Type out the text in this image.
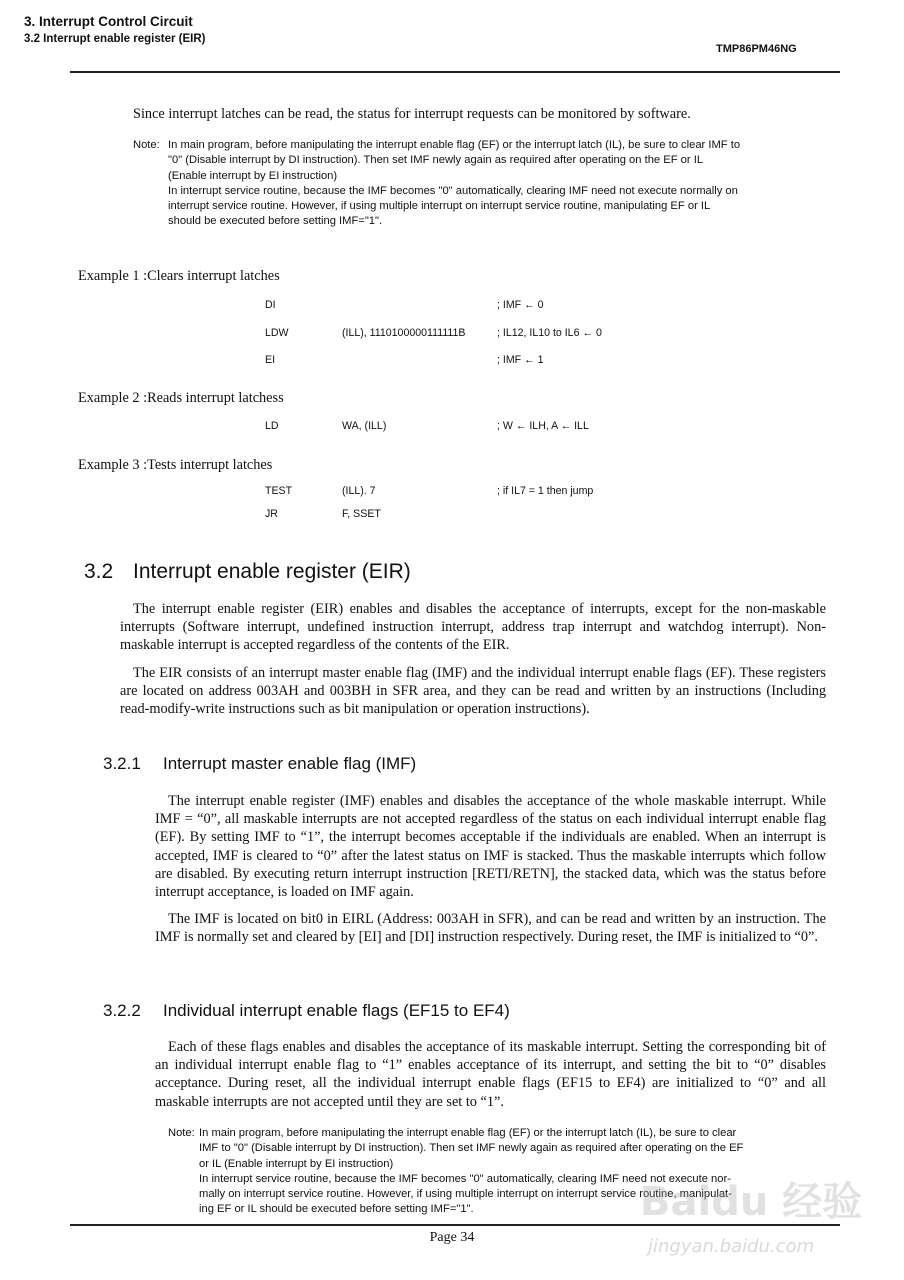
3. Interrupt Control Circuit
3.2 Interrupt enable register (EIR)
TMP86PM46NG
Since interrupt latches can be read, the status for interrupt requests can be monitored by software.
Note: In main program, before manipulating the interrupt enable flag (EF) or the interrupt latch (IL), be sure to clear IMF to
"0" (Disable interrupt by DI instruction). Then set IMF newly again as required after operating on the EF or IL
(Enable interrupt by EI instruction)
In interrupt service routine, because the IMF becomes "0" automatically, clearing IMF need not execute normally on
interrupt service routine. However, if using multiple interrupt on interrupt service routine, manipulating EF or IL
should be executed before setting IMF="1".
Example 1 :Clears interrupt latches
DI	; IMF ← 0
LDW	(ILL), 1110100000111111B	; IL12, IL10 to IL6 ← 0
EI	; IMF ← 1
Example 2 :Reads interrupt latchess
LD	WA, (ILL)	; W ← ILH, A ← ILL
Example 3 :Tests interrupt latches
TEST	(ILL). 7	; if IL7 = 1 then jump
JR	F, SSET
3.2 Interrupt enable register (EIR)
The interrupt enable register (EIR) enables and disables the acceptance of interrupts, except for the non-maskable interrupts (Software interrupt, undefined instruction interrupt, address trap interrupt and watchdog interrupt). Non-maskable interrupt is accepted regardless of the contents of the EIR.
The EIR consists of an interrupt master enable flag (IMF) and the individual interrupt enable flags (EF). These registers are located on address 003AH and 003BH in SFR area, and they can be read and written by an instructions (Including read-modify-write instructions such as bit manipulation or operation instructions).
3.2.1 Interrupt master enable flag (IMF)
The interrupt enable register (IMF) enables and disables the acceptance of the whole maskable interrupt. While IMF = “0”, all maskable interrupts are not accepted regardless of the status on each individual interrupt enable flag (EF). By setting IMF to “1”, the interrupt becomes acceptable if the individuals are enabled. When an interrupt is accepted, IMF is cleared to “0” after the latest status on IMF is stacked. Thus the maskable interrupts which follow are disabled. By executing return interrupt instruction [RETI/RETN], the stacked data, which was the status before interrupt acceptance, is loaded on IMF again.
The IMF is located on bit0 in EIRL (Address: 003AH in SFR), and can be read and written by an instruction. The IMF is normally set and cleared by [EI] and [DI] instruction respectively. During reset, the IMF is initialized to “0”.
3.2.2 Individual interrupt enable flags (EF15 to EF4)
Each of these flags enables and disables the acceptance of its maskable interrupt. Setting the corresponding bit of an individual interrupt enable flag to “1” enables acceptance of its interrupt, and setting the bit to “0” disables acceptance. During reset, all the individual interrupt enable flags (EF15 to EF4) are initialized to “0” and all maskable interrupts are not accepted until they are set to “1”.
Note: In main program, before manipulating the interrupt enable flag (EF) or the interrupt latch (IL), be sure to clear
IMF to "0" (Disable interrupt by DI instruction). Then set IMF newly again as required after operating on the EF
or IL (Enable interrupt by EI instruction)
In interrupt service routine, because the IMF becomes "0" automatically, clearing IMF need not execute nor-
mally on interrupt service routine. However, if using multiple interrupt on interrupt service routine, manipulat-
ing EF or IL should be executed before setting IMF="1".
Page 34
Baidu 经验
jingyan.baidu.com
